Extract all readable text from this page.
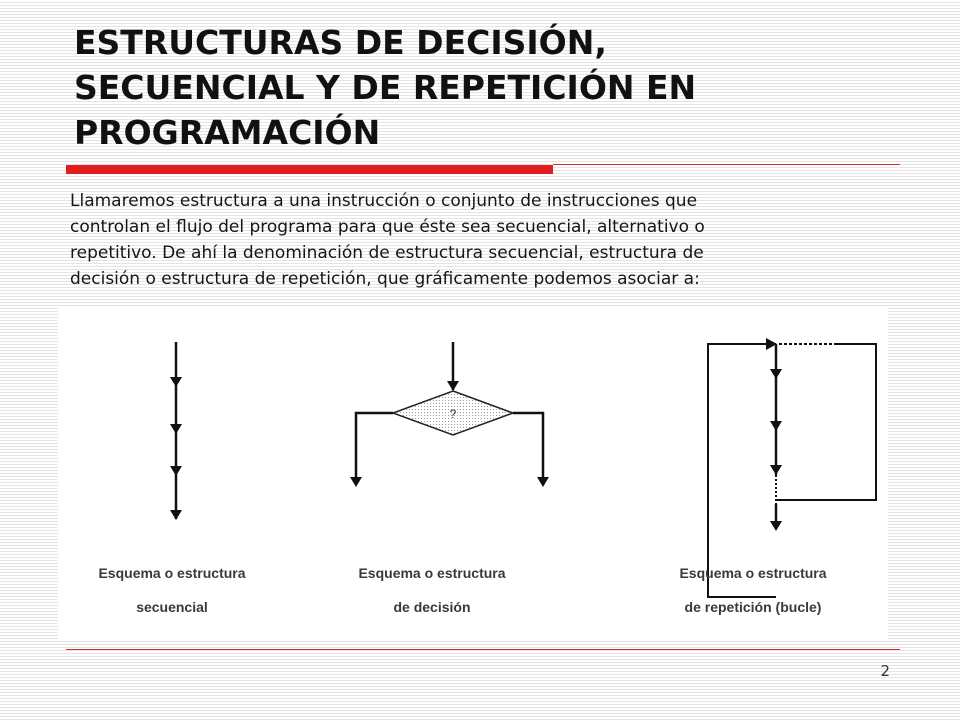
ESTRUCTURAS DE DECISIÓN,
SECUENCIAL Y DE REPETICIÓN EN
PROGRAMACIÓN
Llamaremos estructura a una instrucción o conjunto de instrucciones que
controlan el flujo del programa para que éste sea secuencial, alternativo o
repetitivo. De ahí la denominación de estructura secuencial, estructura de
decisión o estructura de repetición, que gráficamente podemos asociar a:
?
Esquema o estructura
secuencial
Esquema o estructura
de decisión
Esquema o estructura
de repetición (bucle)
2
